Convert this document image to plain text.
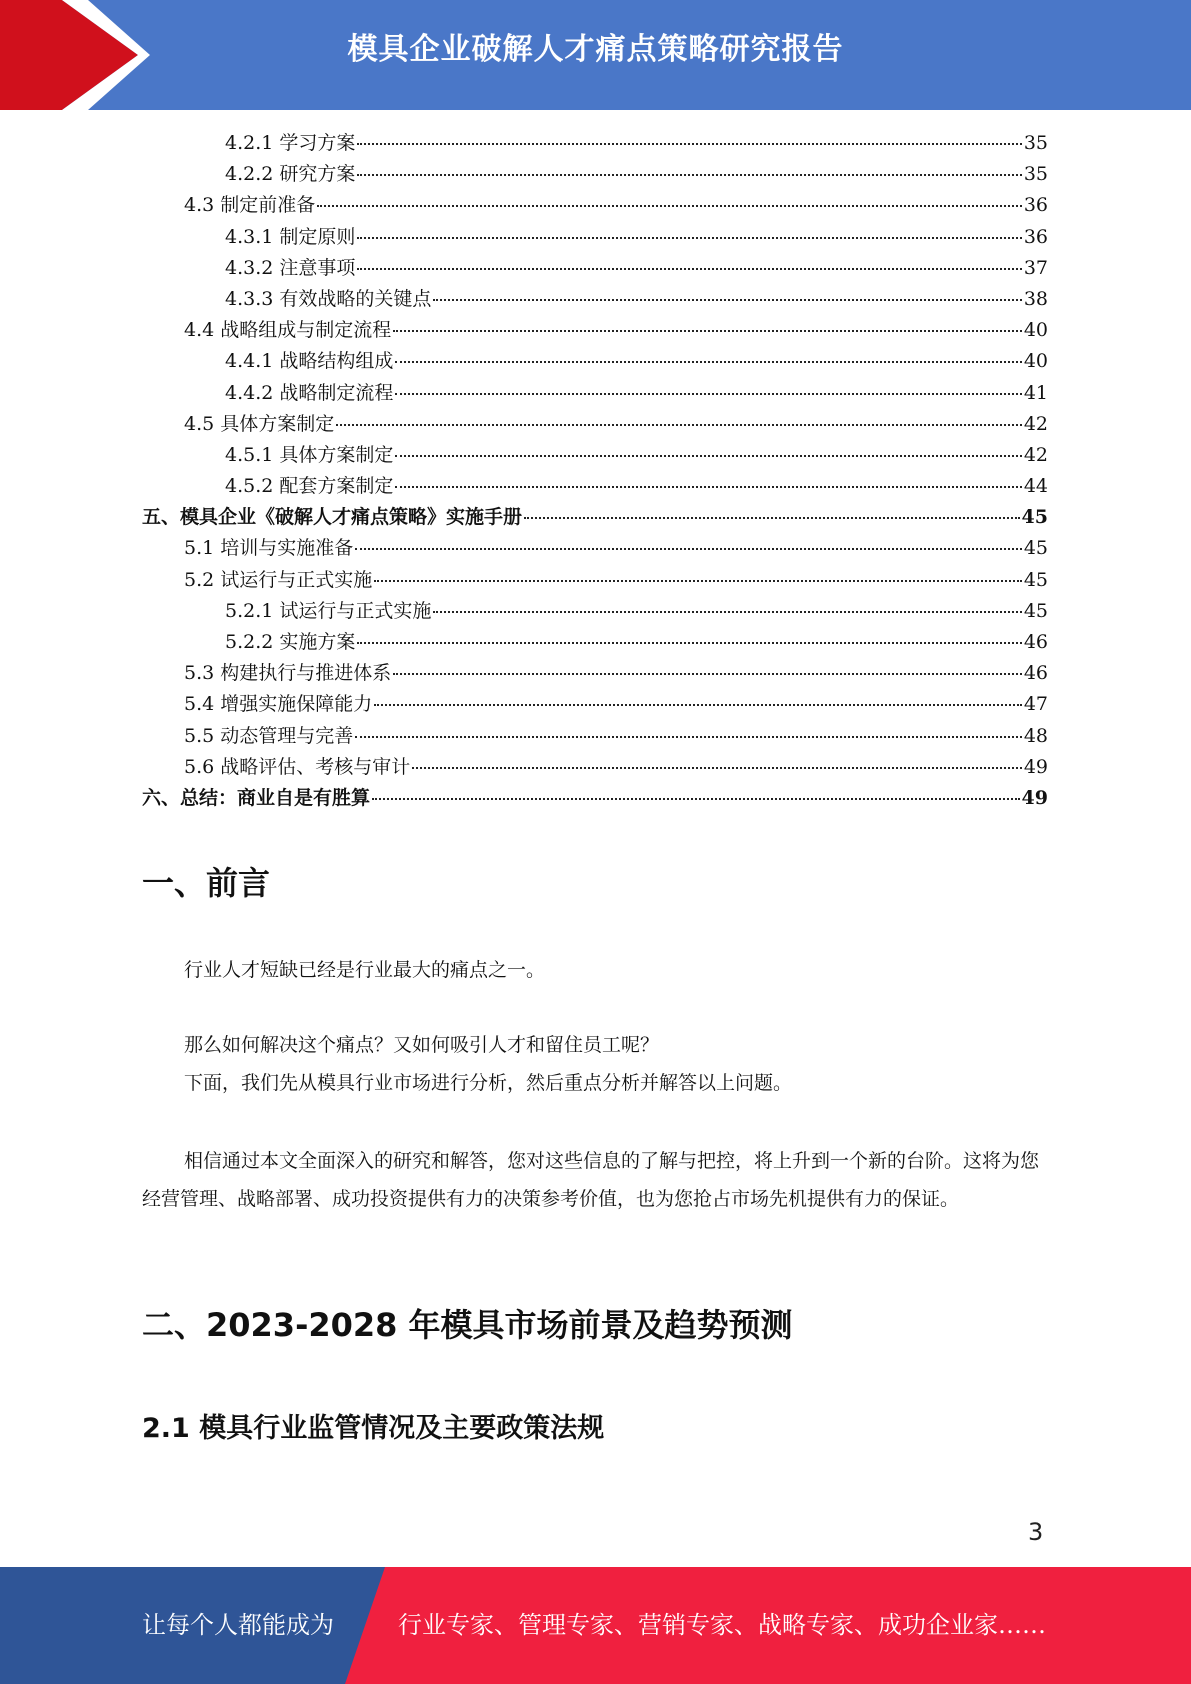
模具企业破解人才痛点策略研究报告
4.2.1 学习方案	35
4.2.2 研究方案	35
4.3 制定前准备	36
4.3.1 制定原则	36
4.3.2 注意事项	37
4.3.3 有效战略的关键点	38
4.4 战略组成与制定流程	40
4.4.1 战略结构组成	40
4.4.2 战略制定流程	41
4.5 具体方案制定	42
4.5.1 具体方案制定	42
4.5.2 配套方案制定	44
五、模具企业《破解人才痛点策略》实施手册	45
5.1 培训与实施准备	45
5.2 试运行与正式实施	45
5.2.1 试运行与正式实施	45
5.2.2 实施方案	46
5.3 构建执行与推进体系	46
5.4 增强实施保障能力	47
5.5 动态管理与完善	48
5.6 战略评估、考核与审计	49
六、总结：商业自是有胜算	49
一、前言

行业人才短缺已经是行业最大的痛点之一。

那么如何解决这个痛点？又如何吸引人才和留住员工呢？

下面，我们先从模具行业市场进行分析，然后重点分析并解答以上问题。

相信通过本文全面深入的研究和解答，您对这些信息的了解与把控，将上升到一个新的台阶。这将为您经营管理、战略部署、成功投资提供有力的决策参考价值，也为您抢占市场先机提供有力的保证。

二、2023-2028 年模具市场前景及趋势预测
2.1 模具行业监管情况及主要政策法规
3
让每个人都能成为	行业专家、管理专家、营销专家、战略专家、成功企业家……
